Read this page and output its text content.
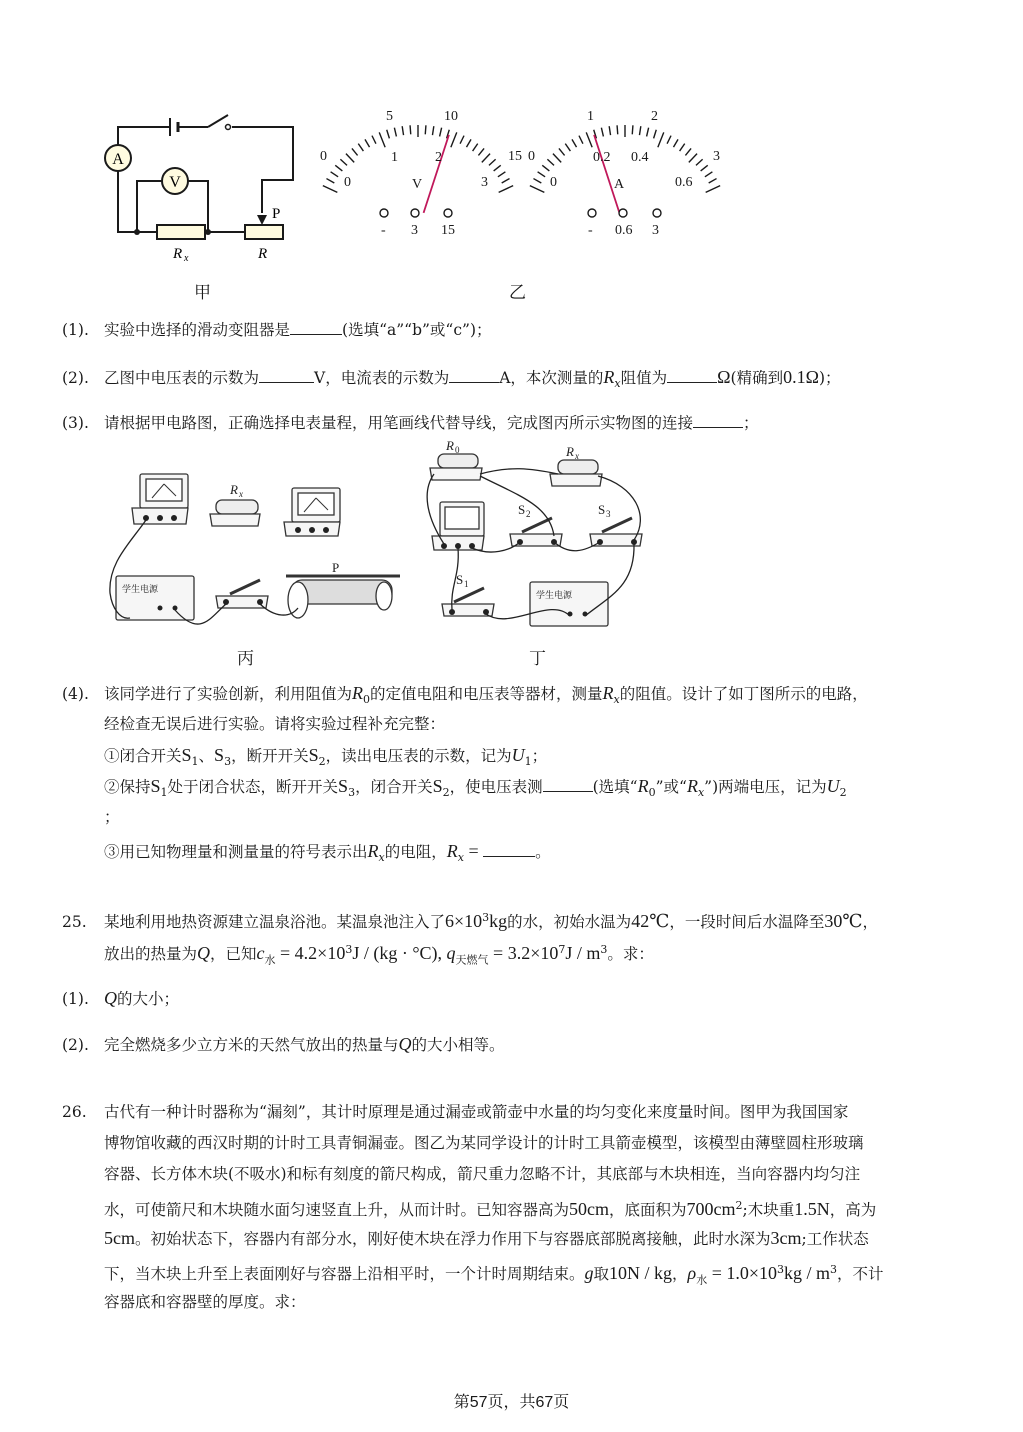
A
V
P
R x	R
甲
5	10
0	15
0
1	2
3
V
- 3 15
1	2
0	3
0
0.2 0.4
0.6
A
- 0.6 3
乙
(1). 实验中选择的滑动变阻器是	(选填“a”“b”或“c”)；
(2). 乙图中电压表的示数为	V，电流表的示数为	A，本次测量的$R_x$阻值为	Ω(精确到0.1Ω)；
(3). 请根据甲电路图，正确选择电表量程，用笔画线代替导线，完成图丙所示实物图的连接	；
R x
P
学生电源
丙
R 0	R x
S 2	S 3
S 1
学生电源
丁
(4). 该同学进行了实验创新，利用阻值为$R_0$的定值电阻和电压表等器材，测量$R_x$的阻值。设计了如丁图所示的电路，
经检查无误后进行实验。请将实验过程补充完整：
①闭合开关$S_1$、$S_3$，断开开关$S_2$，读出电压表的示数，记为$U_1$；
②保持$S_1$处于闭合状态，断开开关$S_3$，闭合开关$S_2$，使电压表测	(选填“$R_0$”或“$R_x$”)两端电压，记为$U_2$
；
③用已知物理量和测量量的符号表示出$R_x$的电阻，$R_x$ =	。
25. 某地利用地热资源建立温泉浴池。某温泉池注入了$6\times 10^3kg$的水，初始水温为42℃，一段时间后水温降至30℃，
放出的热量为Q，已知$c_水 = 4.2\times 10^3J / (kg \cdot ^\circ C)$, $q_{天燃气} = 3.2\times 10^7J / m^3$。求：
(1). Q的大小；
(2). 完全燃烧多少立方米的天然气放出的热量与Q的大小相等。
26. 古代有一种计时器称为“漏刻”，其计时原理是通过漏壶或箭壶中水量的均匀变化来度量时间。图甲为我国国家
博物馆收藏的西汉时期的计时工具青铜漏壶。图乙为某同学设计的计时工具箭壶模型，该模型由薄壁圆柱形玻璃
容器、长方体木块(不吸水)和标有刻度的箭尺构成，箭尺重力忽略不计，其底部与木块相连，当向容器内均匀注
水，可使箭尺和木块随水面匀速竖直上升，从而计时。已知容器高为50cm，底面积为$700cm^2$;木块重1.5N，高为
5cm。初始状态下，容器内有部分水，刚好使木块在浮力作用下与容器底部脱离接触，此时水深为3cm;工作状态
下，当木块上升至上表面刚好与容器上沿相平时，一个计时周期结束。g取10N / kg，$\rho_水 = 1.0\times 10^3kg / m^3$，不计
容器底和容器壁的厚度。求：
第57页，共67页
